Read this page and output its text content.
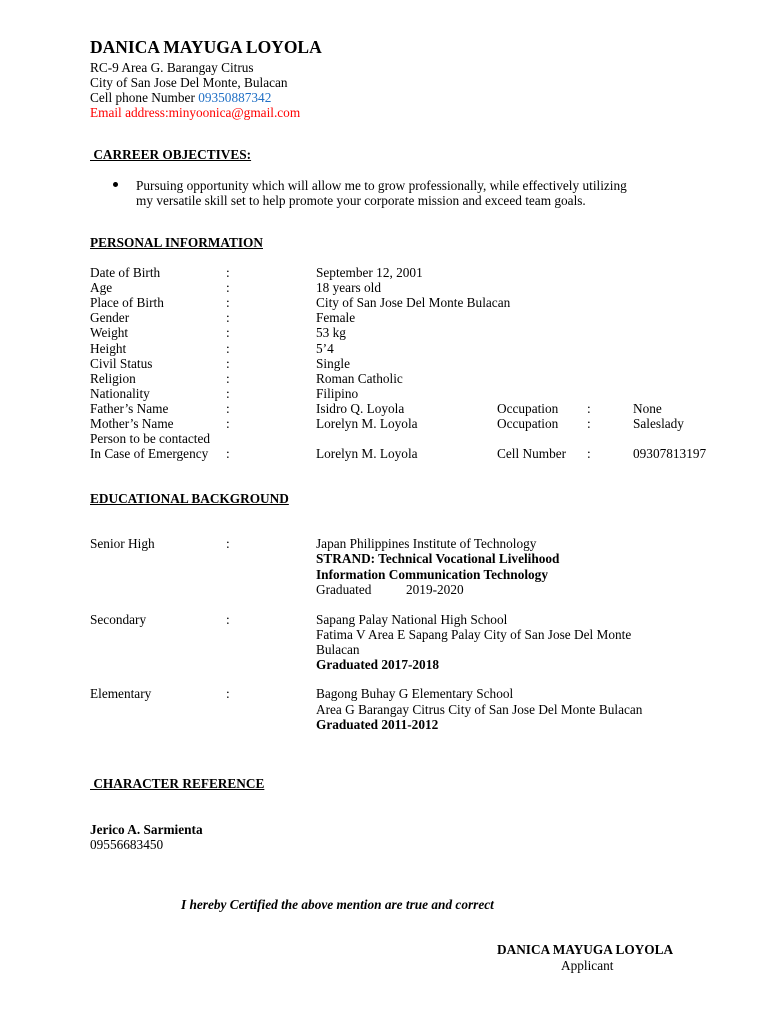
DANICA MAYUGA LOYOLA
RC-9 Area G. Barangay Citrus
City of San Jose Del Monte, Bulacan
Cell phone Number 09350887342
Email address:minyoonica@gmail.com
CARREER OBJECTIVES:
Pursuing opportunity which will allow me to grow professionally, while effectively utilizing
my versatile skill set to help promote your corporate mission and exceed team goals.
PERSONAL INFORMATION
Date of Birth	:	September 12, 2001
Age	:	18 years old
Place of Birth	:	City of San Jose Del Monte Bulacan
Gender	:	Female
Weight	:	53 kg
Height	:	5’4
Civil Status	:	Single
Religion	:	Roman Catholic
Nationality	:	Filipino
Father’s Name	:	Isidro Q. Loyola	Occupation :	None
Mother’s Name	:	Lorelyn M. Loyola	Occupation :	Saleslady
Person to be contacted
In Case of Emergency :	Lorelyn M. Loyola	Cell Number :	09307813197
EDUCATIONAL BACKGROUND
Senior High	:	Japan Philippines Institute of Technology
STRAND: Technical Vocational Livelihood
Information Communication Technology
Graduated	2019-2020
Secondary	:	Sapang Palay National High School
Fatima V Area E Sapang Palay City of San Jose Del Monte
Bulacan
Graduated 2017-2018
Elementary	:	Bagong Buhay G Elementary School
Area G Barangay Citrus City of San Jose Del Monte Bulacan
Graduated 2011-2012
CHARACTER REFERENCE
Jerico A. Sarmienta
09556683450
I hereby Certified the above mention are true and correct
DANICA MAYUGA LOYOLA
Applicant
